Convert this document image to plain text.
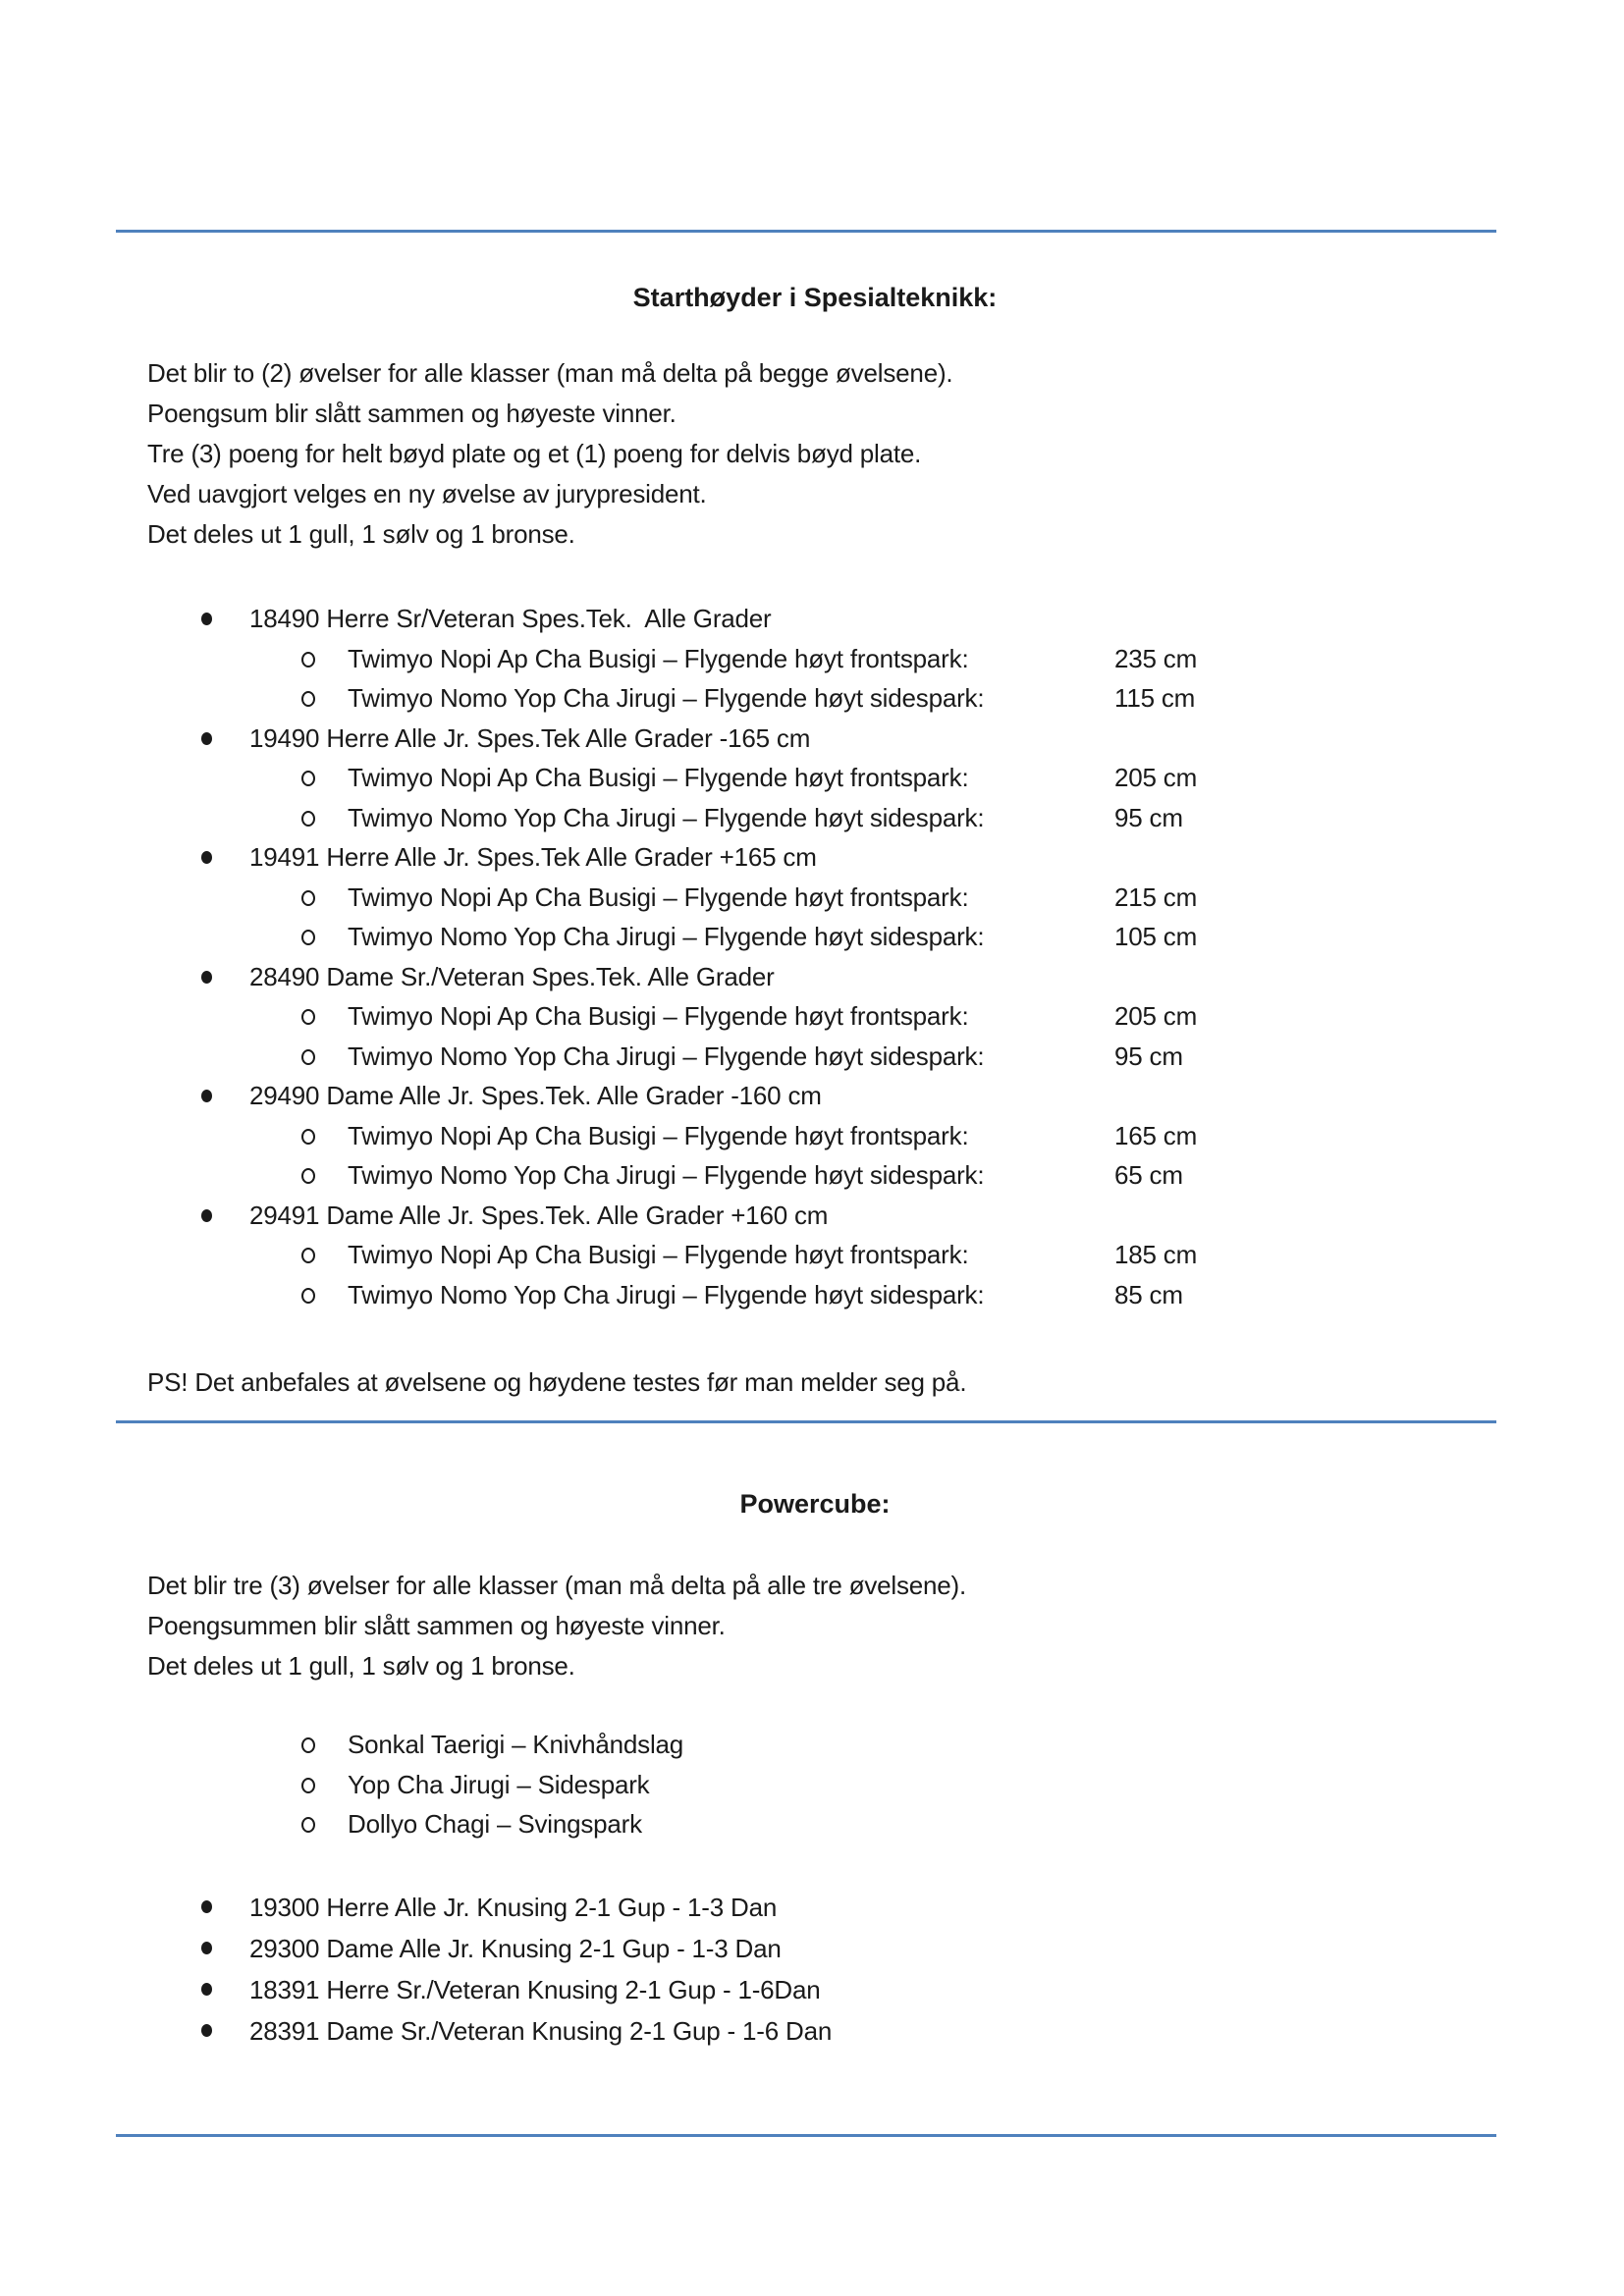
Starthøyder i Spesialteknikk:
Det blir to (2) øvelser for alle klasser (man må delta på begge øvelsene).
Poengsum blir slått sammen og høyeste vinner.
Tre (3) poeng for helt bøyd plate og et (1) poeng for delvis bøyd plate.
Ved uavgjort velges en ny øvelse av jurypresident.
Det deles ut 1 gull, 1 sølv og 1 bronse.
18490 Herre Sr/Veteran Spes.Tek.  Alle Grader
Twimyo Nopi Ap Cha Busigi – Flygende høyt frontspark:	235 cm
Twimyo Nomo Yop Cha Jirugi – Flygende høyt sidespark:	115 cm
19490 Herre Alle Jr. Spes.Tek Alle Grader -165 cm
Twimyo Nopi Ap Cha Busigi – Flygende høyt frontspark:	205 cm
Twimyo Nomo Yop Cha Jirugi – Flygende høyt sidespark:	95 cm
19491 Herre Alle Jr. Spes.Tek Alle Grader +165 cm
Twimyo Nopi Ap Cha Busigi – Flygende høyt frontspark:	215 cm
Twimyo Nomo Yop Cha Jirugi – Flygende høyt sidespark:	105 cm
28490 Dame Sr./Veteran Spes.Tek. Alle Grader
Twimyo Nopi Ap Cha Busigi – Flygende høyt frontspark:	205 cm
Twimyo Nomo Yop Cha Jirugi – Flygende høyt sidespark:	95 cm
29490 Dame Alle Jr. Spes.Tek. Alle Grader -160 cm
Twimyo Nopi Ap Cha Busigi – Flygende høyt frontspark:	165 cm
Twimyo Nomo Yop Cha Jirugi – Flygende høyt sidespark:	65 cm
29491 Dame Alle Jr. Spes.Tek. Alle Grader +160 cm
Twimyo Nopi Ap Cha Busigi – Flygende høyt frontspark:	185 cm
Twimyo Nomo Yop Cha Jirugi – Flygende høyt sidespark:	85 cm
PS! Det anbefales at øvelsene og høydene testes før man melder seg på.
Powercube:
Det blir tre (3) øvelser for alle klasser (man må delta på alle tre øvelsene).
Poengsummen blir slått sammen og høyeste vinner.
Det deles ut 1 gull, 1 sølv og 1 bronse.
Sonkal Taerigi – Knivhåndslag
Yop Cha Jirugi – Sidespark
Dollyo Chagi – Svingspark
19300 Herre Alle Jr. Knusing 2-1 Gup - 1-3 Dan
29300 Dame Alle Jr. Knusing 2-1 Gup - 1-3 Dan
18391 Herre Sr./Veteran Knusing 2-1 Gup - 1-6Dan
28391 Dame Sr./Veteran Knusing 2-1 Gup - 1-6 Dan
